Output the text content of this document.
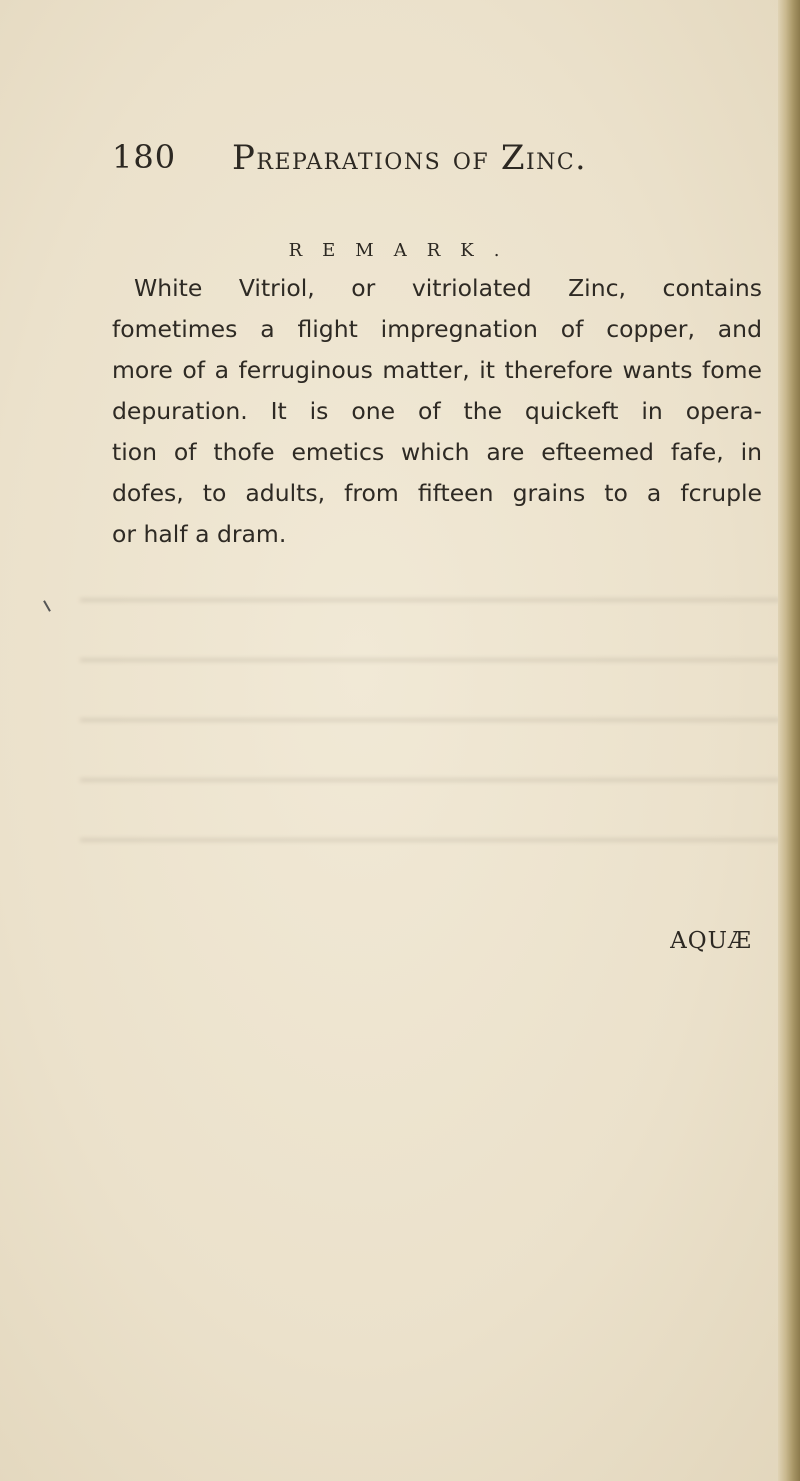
180 Preparations of Zinc.
REMARK.
White Vitriol, or vitriolated Zinc, contains
fometimes a flight impregnation of copper, and
more of a ferruginous matter, it therefore wants fome
depuration. It is one of the quickeft in opera-
tion of thofe emetics which are efteemed fafe, in
dofes, to adults, from fifteen grains to a fcruple
or half a dram.
AQUÆ
